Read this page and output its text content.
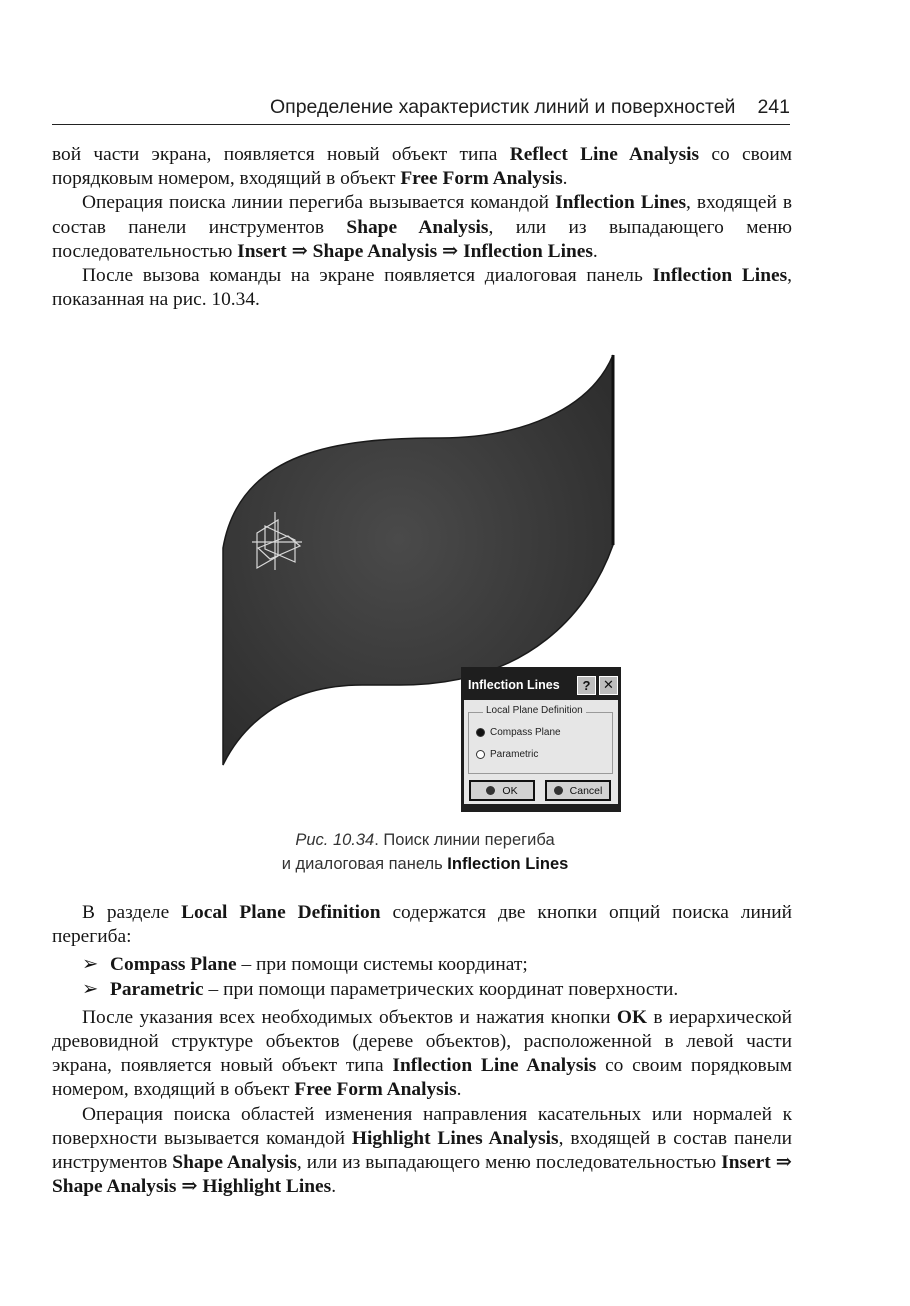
Определение характеристик линий и поверхностей 241

вой части экрана, появляется новый объект типа Reflect Line Analysis со своим порядковым номером, входящий в объект Free Form Analysis.

Операция поиска линии перегиба вызывается командой Inflection Lines, входящей в состав панели инструментов Shape Analysis, или из выпадающего меню последовательностью Insert ⇒ Shape Analysis ⇒ Inflection Lines.

После вызова команды на экране появляется диалоговая панель Inflection Lines, показанная на рис. 10.34.

Inflection Lines	? ✕
Local Plane Definition
Compass Plane
Parametric
OK	Cancel
Рис. 10.34. Поиск линии перегиба
и диалоговая панель Inflection Lines

В разделе Local Plane Definition содержатся две кнопки опций поиска линий перегиба:

➢ Compass Plane – при помощи системы координат;
➢ Parametric – при помощи параметрических координат поверхности.

После указания всех необходимых объектов и нажатия кнопки OK в иерархической древовидной структуре объектов (дереве объектов), расположенной в левой части экрана, появляется новый объект типа Inflection Line Analysis со своим порядковым номером, входящий в объект Free Form Analysis.

Операция поиска областей изменения направления касательных или нормалей к поверхности вызывается командой Highlight Lines Analysis, входящей в состав панели инструментов Shape Analysis, или из выпадающего меню последовательностью Insert ⇒ Shape Analysis ⇒ Highlight Lines.
